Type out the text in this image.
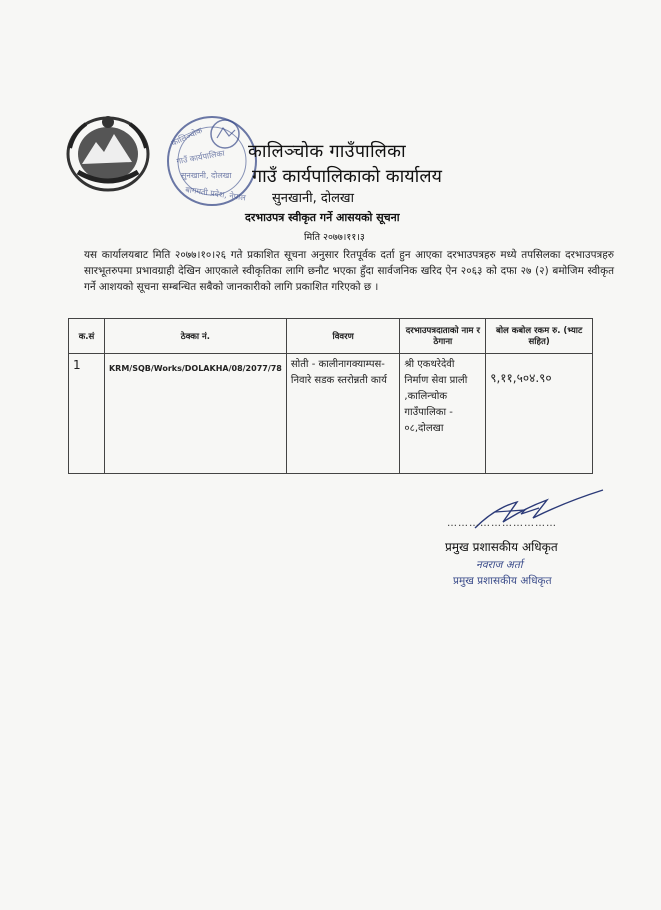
कालिञ्चोक
गाउँ कार्यपालिका
सुनखानी, दोलखा
बागमती प्रदेश, नेपाल
कालिञ्चोक गाउँपालिका
गाउँ कार्यपालिकाको कार्यालय
सुनखानी, दोलखा
दरभाउपत्र स्वीकृत गर्ने आसयको सूचना
मिति २०७७।११।३
यस कार्यालयबाट मिति २०७७।१०।२६ गते प्रकाशित सूचना अनुसार रितपूर्वक दर्ता हुन आएका दरभाउपत्रहरु मध्ये तपसिलका दरभाउपत्रहरु सारभूतरुपमा प्रभावग्राही देखिन आएकाले स्वीकृतिका लागि छनौट भएका हुँदा सार्वजनिक खरिद ऐन २०६३ को दफा २७ (२) बमोजिम स्वीकृत गर्ने आशयको सूचना सम्बन्धित सबैको जानकारीको लागि प्रकाशित गरिएको छ ।
क.सं	ठेक्का नं.	विवरण	दरभाउपत्रदाताको नाम र ठेगाना	बोल कबोल रकम रु. (भ्याट सहित)
1	KRM/SQB/Works/DOLAKHA/08/2077/78	सोती - कालीनागक्याम्पस-निवारे सडक स्तरोन्नती कार्य	श्री एकथरेदेवी निर्माण सेवा प्राली ,कालिन्चोक गाउँपालिका - ०८,दोलखा	९,११,५०४.९०
…………………………
प्रमुख प्रशासकीय अधिकृत
नवराज अर्ता
प्रमुख प्रशासकीय अधिकृत
